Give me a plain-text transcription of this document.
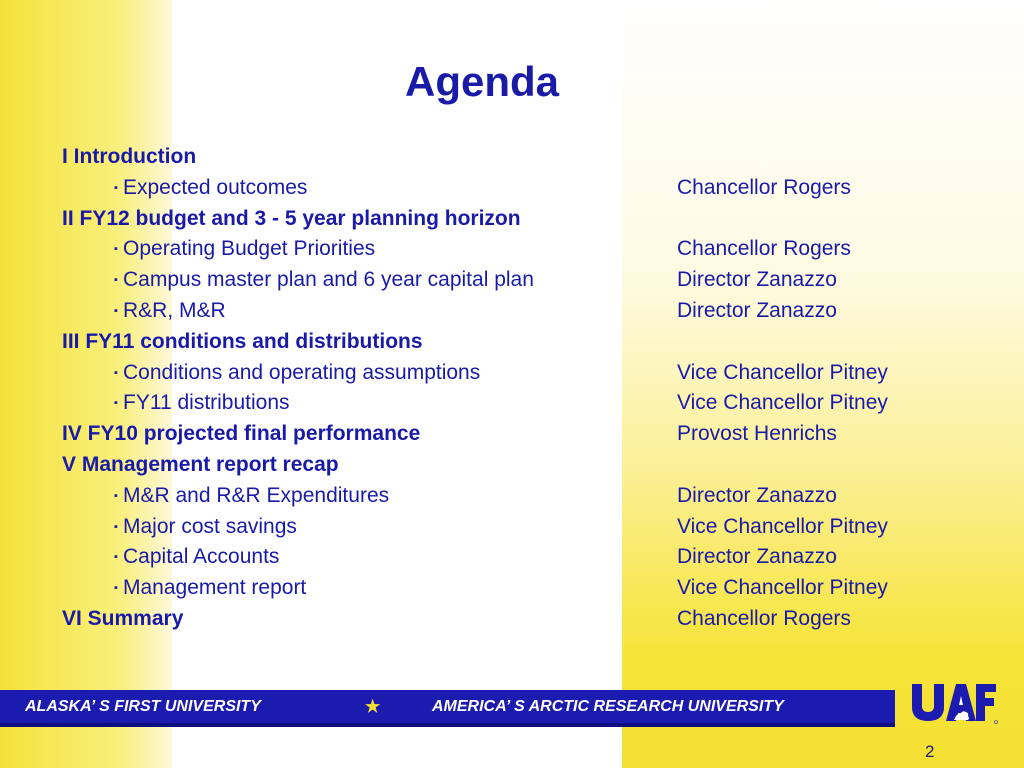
Agenda
I Introduction
▪ Expected outcomes	Chancellor Rogers
II FY12 budget and 3 - 5 year planning horizon
▪ Operating Budget Priorities	Chancellor Rogers
▪ Campus master plan and 6 year capital plan	Director Zanazzo
▪ R&R, M&R	Director Zanazzo
III FY11 conditions and distributions
▪ Conditions and operating assumptions	Vice Chancellor Pitney
▪ FY11 distributions	Vice Chancellor Pitney
IV FY10 projected final performance	Provost Henrichs
V Management report recap
▪ M&R and R&R Expenditures	Director Zanazzo
▪ Major cost savings	Vice Chancellor Pitney
▪ Capital Accounts	Director Zanazzo
▪ Management report	Vice Chancellor Pitney
VI Summary	Chancellor Rogers
ALASKA’ S FIRST UNIVERSITY	★	AMERICA’ S ARCTIC RESEARCH UNIVERSITY
2
